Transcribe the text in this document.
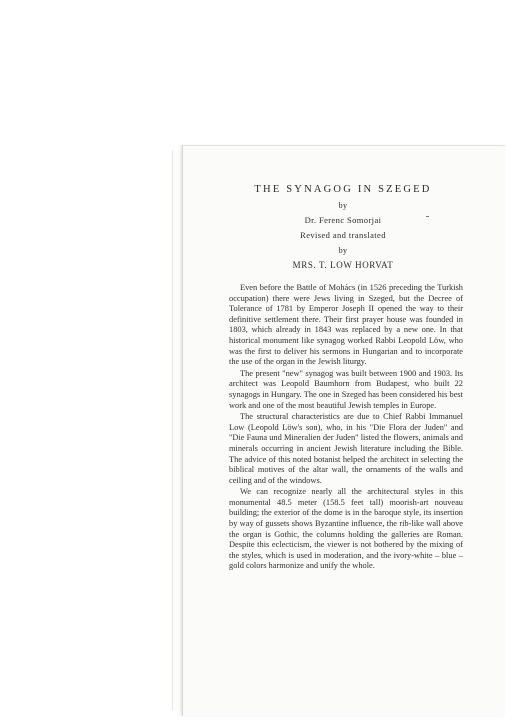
THE SYNAGOG IN SZEGED

by

Dr. Ferenc Somorjai

Revised and translated

by

MRS. T. LOW HORVAT

Even before the Battle of Mohács (in 1526 preceding the Turkish occupation) there were Jews living in Szeged, but the Decree of Tolerance of 1781 by Emperor Joseph II opened the way to their definitive settlement there. Their first prayer house was founded in 1803, which already in 1843 was replaced by a new one. In that historical monument like synagog worked Rabbi Leopold Löw, who was the first to deliver his sermons in Hungarian and to incorporate the use of the organ in the Jewish liturgy.

The present "new" synagog was built between 1900 and 1903. Its architect was Leopold Baumhorn from Budapest, who built 22 synagogs in Hungary. The one in Szeged has been considered his best work and one of the most beautiful Jewish temples in Europe.

The structural characteristics are due to Chief Rabbi Immanuel Low (Leopold Löw's son), who, in his "Die Flora der Juden" and "Die Fauna und Mineralien der Juden" listed the flowers, animals and minerals occurring in ancient Jewish literature including the Bible. The advice of this noted botanist helped the architect in selecting the biblical motives of the altar wall, the ornaments of the walls and ceiling and of the windows.

We can recognize nearly all the architectural styles in this monumental 48.5 meter (158.5 feet tall) moorish-art nouveau building; the exterior of the dome is in the baroque style, its insertion by way of gussets shows Byzantine influence, the rib-like wall above the organ is Gothic, the columns holding the galleries are Roman. Despite this eclecticism, the viewer is not bothered by the mixing of the styles, which is used in moderation, and the ivory-white – blue – gold colors harmonize and unify the whole.
